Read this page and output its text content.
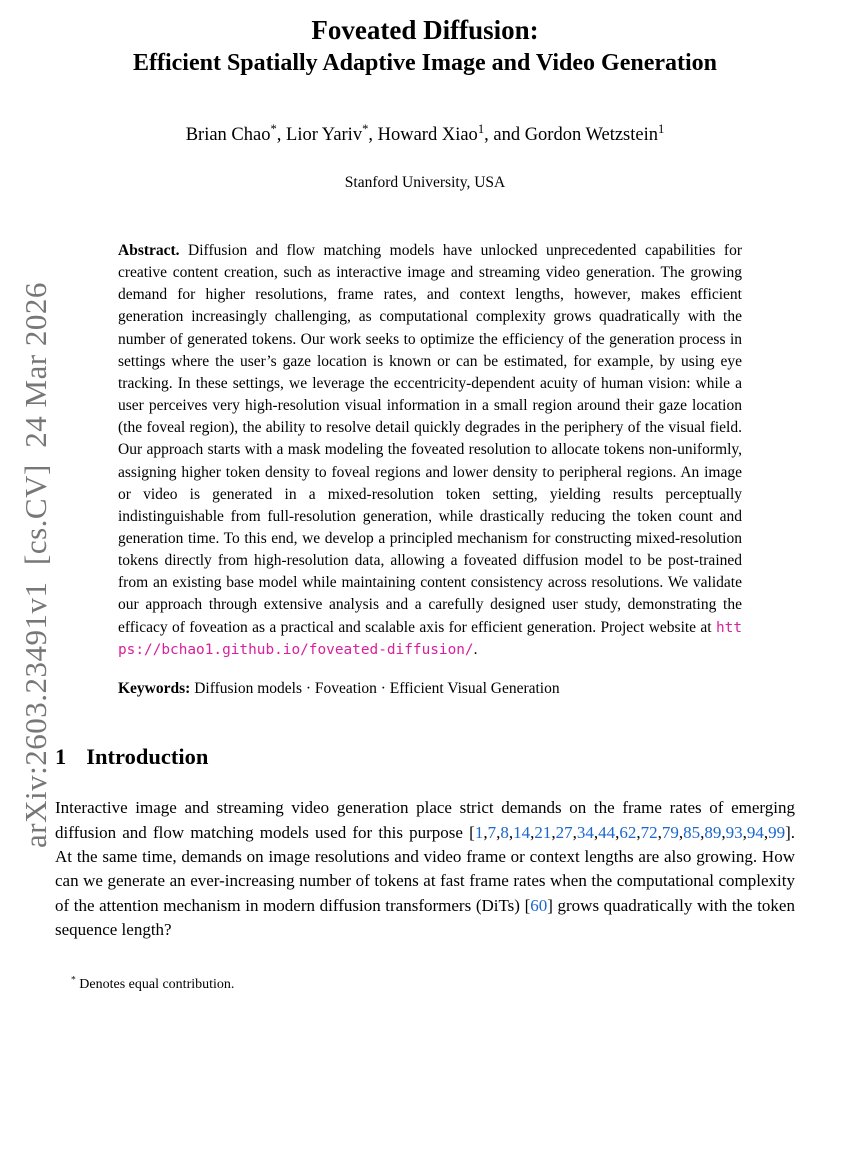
arXiv:2603.23491v1  [cs.CV]  24 Mar 2026
Foveated Diffusion:
Efficient Spatially Adaptive Image and Video Generation
Brian Chao*, Lior Yariv*, Howard Xiao$^1$, and Gordon Wetzstein$^1$
Stanford University, USA
Abstract. Diffusion and flow matching models have unlocked unprecedented capabilities for creative content creation, such as interactive image and streaming video generation. The growing demand for higher resolutions, frame rates, and context lengths, however, makes efficient generation increasingly challenging, as computational complexity grows quadratically with the number of generated tokens. Our work seeks to optimize the efficiency of the generation process in settings where the user’s gaze location is known or can be estimated, for example, by using eye tracking. In these settings, we leverage the eccentricity-dependent acuity of human vision: while a user perceives very high-resolution visual information in a small region around their gaze location (the foveal region), the ability to resolve detail quickly degrades in the periphery of the visual field. Our approach starts with a mask modeling the foveated resolution to allocate tokens non-uniformly, assigning higher token density to foveal regions and lower density to peripheral regions. An image or video is generated in a mixed-resolution token setting, yielding results perceptually indistinguishable from full-resolution generation, while drastically reducing the token count and generation time. To this end, we develop a principled mechanism for constructing mixed-resolution tokens directly from high-resolution data, allowing a foveated diffusion model to be post-trained from an existing base model while maintaining content consistency across resolutions. We validate our approach through extensive analysis and a carefully designed user study, demonstrating the efficacy of foveation as a practical and scalable axis for efficient generation. Project website at https://bchao1.github.io/foveated-diffusion/.
Keywords: Diffusion models · Foveation · Efficient Visual Generation
1 Introduction
Interactive image and streaming video generation place strict demands on the frame rates of emerging diffusion and flow matching models used for this purpose [1,7,8,14,21,27,34,44,62,72,79,85,89,93,94,99]. At the same time, demands on image resolutions and video frame or context lengths are also growing. How can we generate an ever-increasing number of tokens at fast frame rates when the computational complexity of the attention mechanism in modern diffusion transformers (DiTs) [60] grows quadratically with the token sequence length?
* Denotes equal contribution.
